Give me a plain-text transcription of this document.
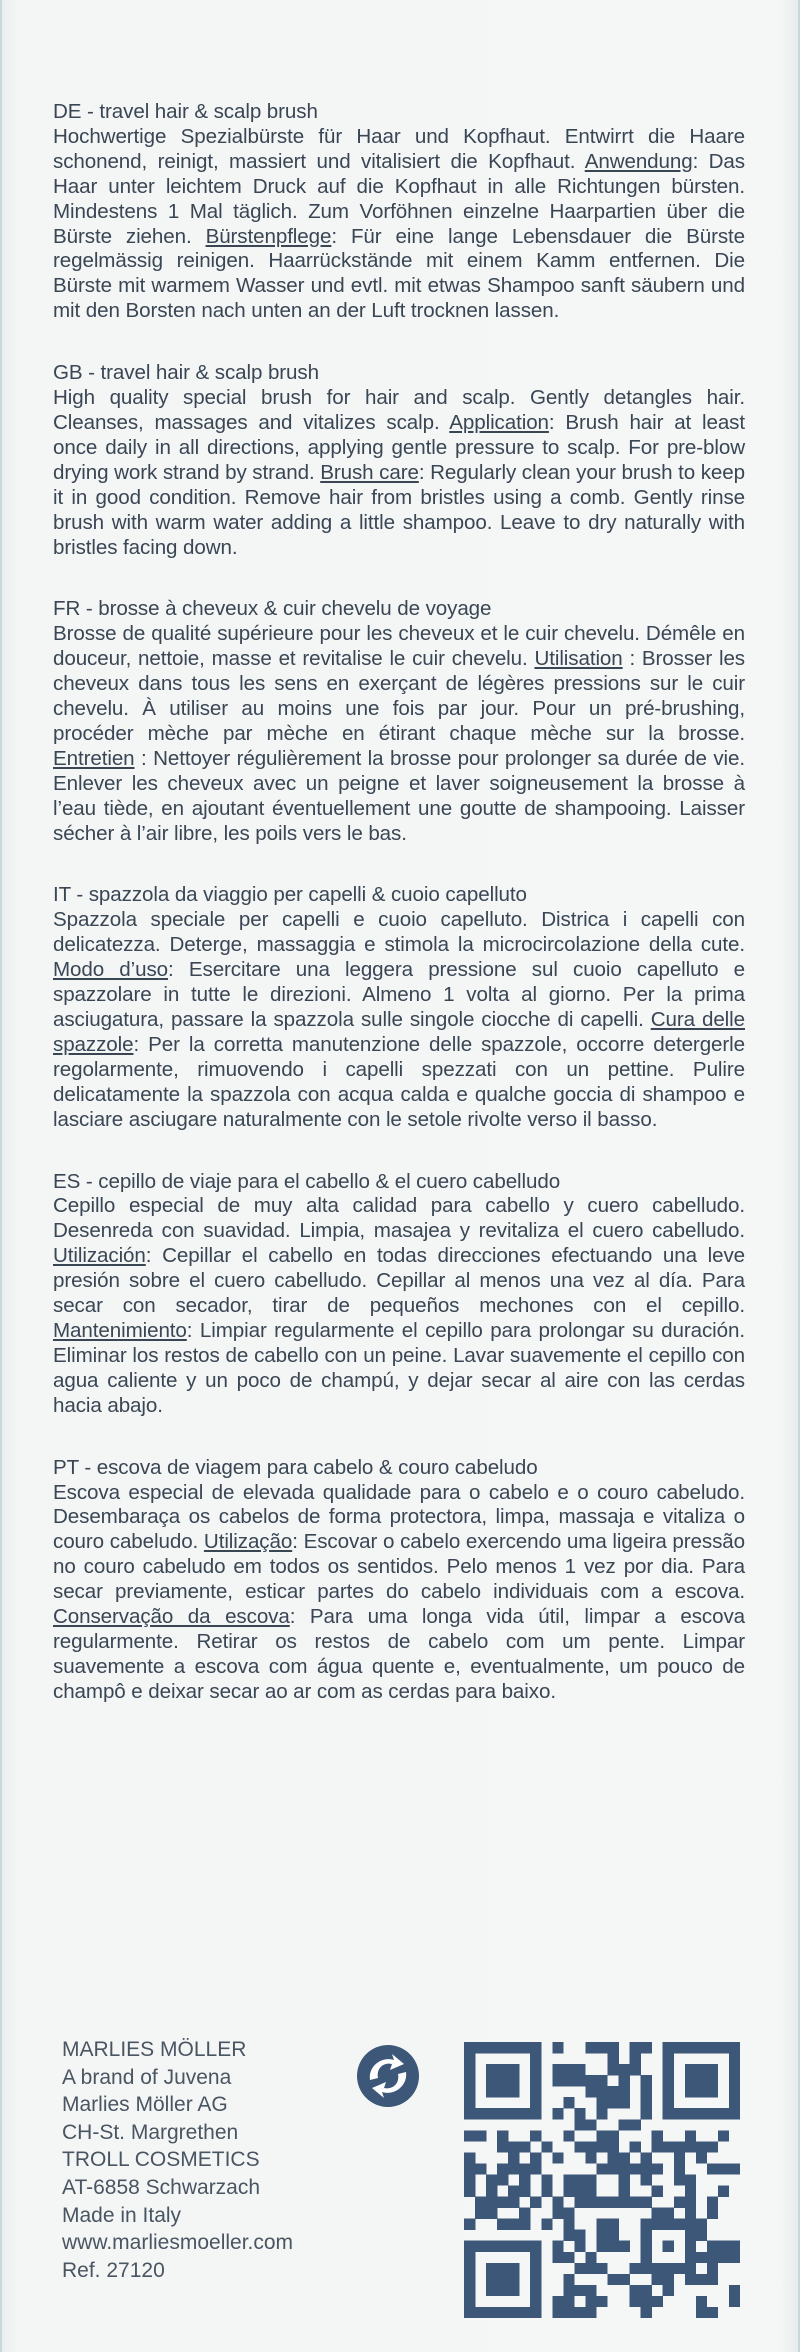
DE - travel hair & scalp brush
Hochwertige Spezialbürste für Haar und Kopfhaut. Entwirrt die Haare schonend, reinigt, massiert und vitalisiert die Kopfhaut. Anwendung: Das Haar unter leichtem Druck auf die Kopfhaut in alle Richtungen bürsten. Mindestens 1 Mal täglich. Zum Vorföhnen einzelne Haarpartien über die Bürste ziehen. Bürstenpflege: Für eine lange Lebensdauer die Bürste regelmässig reinigen. Haarrückstände mit einem Kamm entfernen. Die Bürste mit warmem Wasser und evtl. mit etwas Shampoo sanft säubern und mit den Borsten nach unten an der Luft trocknen lassen.

GB - travel hair & scalp brush
High quality special brush for hair and scalp. Gently detangles hair. Cleanses, massages and vitalizes scalp. Application: Brush hair at least once daily in all directions, applying gentle pressure to scalp. For pre-blow drying work strand by strand. Brush care: Regularly clean your brush to keep it in good condition. Remove hair from bristles using a comb. Gently rinse brush with warm water adding a little shampoo. Leave to dry naturally with bristles facing down.

FR - brosse à cheveux & cuir chevelu de voyage
Brosse de qualité supérieure pour les cheveux et le cuir chevelu. Démêle en douceur, nettoie, masse et revitalise le cuir chevelu. Utilisation : Brosser les cheveux dans tous les sens en exerçant de légères pressions sur le cuir chevelu. À utiliser au moins une fois par jour. Pour un pré-brushing, procéder mèche par mèche en étirant chaque mèche sur la brosse. Entretien : Nettoyer régulièrement la brosse pour prolonger sa durée de vie. Enlever les cheveux avec un peigne et laver soigneusement la brosse à l’eau tiède, en ajoutant éventuellement une goutte de shampooing. Laisser sécher à l’air libre, les poils vers le bas.

IT - spazzola da viaggio per capelli & cuoio capelluto
Spazzola speciale per capelli e cuoio capelluto. Districa i capelli con delicatezza. Deterge, massaggia e stimola la microcircolazione della cute. Modo d’uso: Esercitare una leggera pressione sul cuoio capelluto e spazzolare in tutte le direzioni. Almeno 1 volta al giorno. Per la prima asciugatura, passare la spazzola sulle singole ciocche di capelli. Cura delle spazzole: Per la corretta manutenzione delle spazzole, occorre detergerle regolarmente, rimuovendo i capelli spezzati con un pettine. Pulire delicatamente la spazzola con acqua calda e qualche goccia di shampoo e lasciare asciugare naturalmente con le setole rivolte verso il basso.

ES - cepillo de viaje para el cabello & el cuero cabelludo
Cepillo especial de muy alta calidad para cabello y cuero cabelludo. Desenreda con suavidad. Limpia, masajea y revitaliza el cuero cabelludo. Utilización: Cepillar el cabello en todas direcciones efectuando una leve presión sobre el cuero cabelludo. Cepillar al menos una vez al día. Para secar con secador, tirar de pequeños mechones con el cepillo. Mantenimiento: Limpiar regularmente el cepillo para prolongar su duración. Eliminar los restos de cabello con un peine. Lavar suavemente el cepillo con agua caliente y un poco de champú, y dejar secar al aire con las cerdas hacia abajo.

PT - escova de viagem para cabelo & couro cabeludo
Escova especial de elevada qualidade para o cabelo e o couro cabeludo. Desembaraça os cabelos de forma protectora, limpa, massaja e vitaliza o couro cabeludo. Utilização: Escovar o cabelo exercendo uma ligeira pressão no couro cabeludo em todos os sentidos. Pelo menos 1 vez por dia. Para secar previamente, esticar partes do cabelo individuais com a escova. Conservação da escova: Para uma longa vida útil, limpar a escova regularmente. Retirar os restos de cabelo com um pente. Limpar suavemente a escova com água quente e, eventualmente, um pouco de champô e deixar secar ao ar com as cerdas para baixo.

MARLIES MÖLLER
A brand of Juvena
Marlies Möller AG
CH-St. Margrethen
TROLL COSMETICS
AT-6858 Schwarzach
Made in Italy
www.marliesmoeller.com
Ref. 27120
